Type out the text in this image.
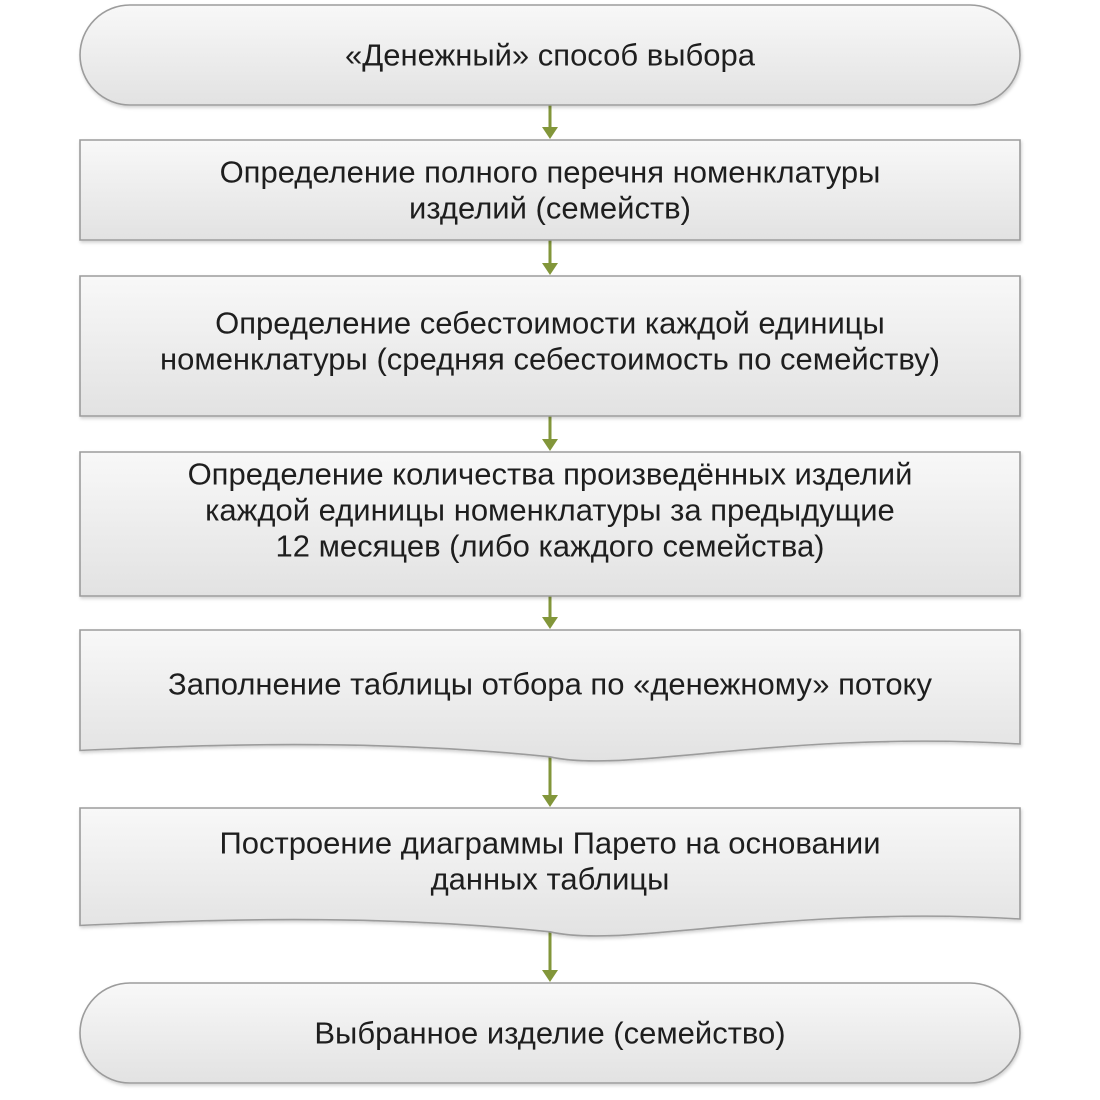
«Денежный» способ выбора
Определение полного перечня номенклатуры
изделий (семейств)
Определение себестоимости каждой единицы
номенклатуры (средняя себестоимость по семейству)
Определение количества произведённых изделий
каждой единицы номенклатуры за предыдущие
12 месяцев (либо каждого семейства)
Заполнение таблицы отбора по «денежному» потоку
Построение диаграммы Парето на основании
данных таблицы
Выбранное изделие (семейство)
